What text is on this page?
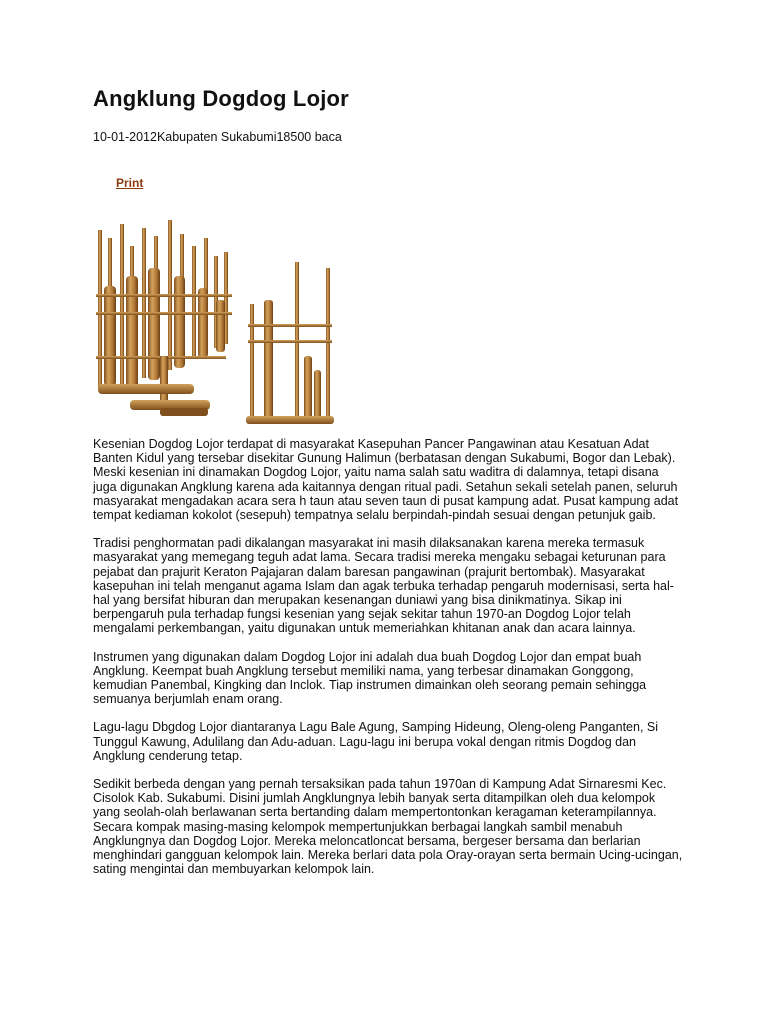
Angklung Dogdog Lojor
10-01-2012Kabupaten Sukabumi18500 baca
Print

Kesenian Dogdog Lojor terdapat di masyarakat Kasepuhan Pancer Pangawinan atau Kesatuan Adat Banten Kidul yang tersebar disekitar Gunung Halimun (berbatasan dengan Sukabumi, Bogor dan Lebak). Meski kesenian ini dinamakan Dogdog Lojor, yaitu nama salah satu waditra di dalamnya, tetapi disana juga digunakan Angklung karena ada kaitannya dengan ritual padi. Setahun sekali setelah panen, seluruh masyarakat mengadakan acara sera h taun atau seven taun di pusat kampung adat. Pusat kampung adat tempat kediaman kokolot (sesepuh) tempatnya selalu berpindah-pindah sesuai dengan petunjuk gaib.

Tradisi penghormatan padi dikalangan masyarakat ini masih dilaksanakan karena mereka termasuk masyarakat yang memegang teguh adat lama. Secara tradisi mereka mengaku sebagai keturunan para pejabat dan prajurit Keraton Pajajaran dalam baresan pangawinan (prajurit bertombak). Masyarakat kasepuhan ini telah menganut agama Islam dan agak terbuka terhadap pengaruh modernisasi, serta hal-hal yang bersifat hiburan dan merupakan kesenangan duniawi yang bisa dinikmatinya. Sikap ini berpengaruh pula terhadap fungsi kesenian yang sejak sekitar tahun 1970-an Dogdog Lojor telah mengalami perkembangan, yaitu digunakan untuk memeriahkan khitanan anak dan acara lainnya.

Instrumen yang digunakan dalam Dogdog Lojor ini adalah dua buah Dogdog Lojor dan empat buah Angklung. Keempat buah Angklung tersebut memiliki nama, yang terbesar dinamakan Gonggong, kemudian Panembal, Kingking dan Inclok. Tiap instrumen dimainkan oleh seorang pemain sehingga semuanya berjumlah enam orang.

Lagu-lagu Dbgdog Lojor diantaranya Lagu Bale Agung, Samping Hideung, Oleng-oleng Panganten, Si Tunggul Kawung, Adulilang dan Adu-aduan. Lagu-lagu ini berupa vokal dengan ritmis Dogdog dan Angklung cenderung tetap.

Sedikit berbeda dengan yang pernah tersaksikan pada tahun 1970an di Kampung Adat Sirnaresmi Kec. Cisolok Kab. Sukabumi. Disini jumlah Angklungnya lebih banyak serta ditampilkan oleh dua kelompok yang seolah-olah berlawanan serta bertanding dalam mempertontonkan keragaman keterampilannya. Secara kompak masing-masing kelompok mempertunjukkan berbagai langkah sambil menabuh Angklungnya dan Dogdog Lojor. Mereka meloncatloncat bersama, bergeser bersama dan berlarian menghindari gangguan kelompok lain. Mereka berlari data pola Oray-orayan serta bermain Ucing-ucingan, sating mengintai dan membuyarkan kelompok lain.
